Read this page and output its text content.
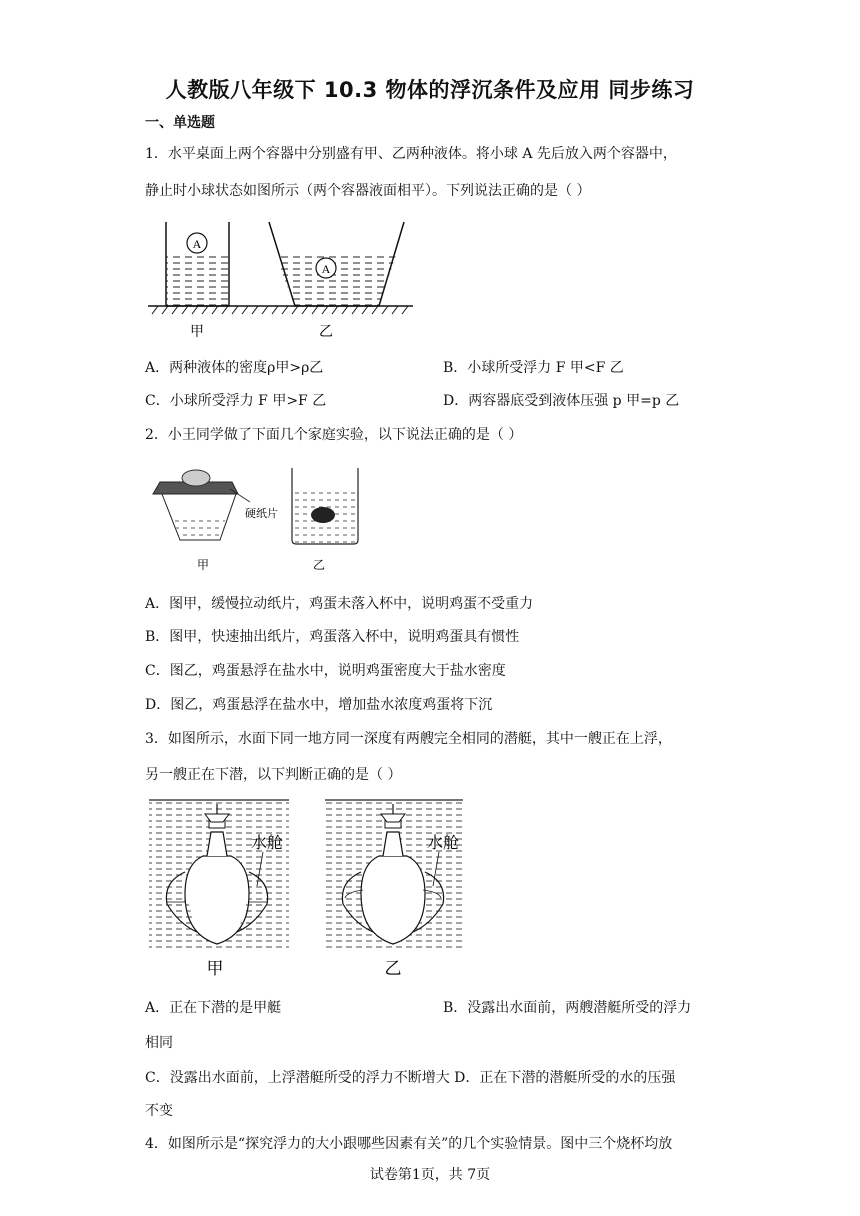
人教版八年级下 10.3 物体的浮沉条件及应用 同步练习
一、单选题
1．水平桌面上两个容器中分别盛有甲、乙两种液体。将小球 A 先后放入两个容器中，
静止时小球状态如图所示（两个容器液面相平）。下列说法正确的是（ ）
A
A
甲	乙
A．两种液体的密度ρ甲>ρ乙	B．小球所受浮力 F 甲<F 乙
C．小球所受浮力 F 甲>F 乙	D．两容器底受到液体压强 p 甲=p 乙
2．小王同学做了下面几个家庭实验，以下说法正确的是（ ）
硬纸片
甲	乙
A．图甲，缓慢拉动纸片，鸡蛋未落入杯中，说明鸡蛋不受重力
B．图甲，快速抽出纸片，鸡蛋落入杯中，说明鸡蛋具有惯性
C．图乙，鸡蛋悬浮在盐水中，说明鸡蛋密度大于盐水密度
D．图乙，鸡蛋悬浮在盐水中，增加盐水浓度鸡蛋将下沉
3．如图所示，水面下同一地方同一深度有两艘完全相同的潜艇，其中一艘正在上浮，
另一艘正在下潜，以下判断正确的是（ ）
水舱
甲
水舱
乙
A．正在下潜的是甲艇	B．没露出水面前，两艘潜艇所受的浮力
相同
C．没露出水面前，上浮潜艇所受的浮力不断增大 D．正在下潜的潜艇所受的水的压强
不变
4．如图所示是“探究浮力的大小跟哪些因素有关”的几个实验情景。图中三个烧杯均放
试卷第1页，共 7页
